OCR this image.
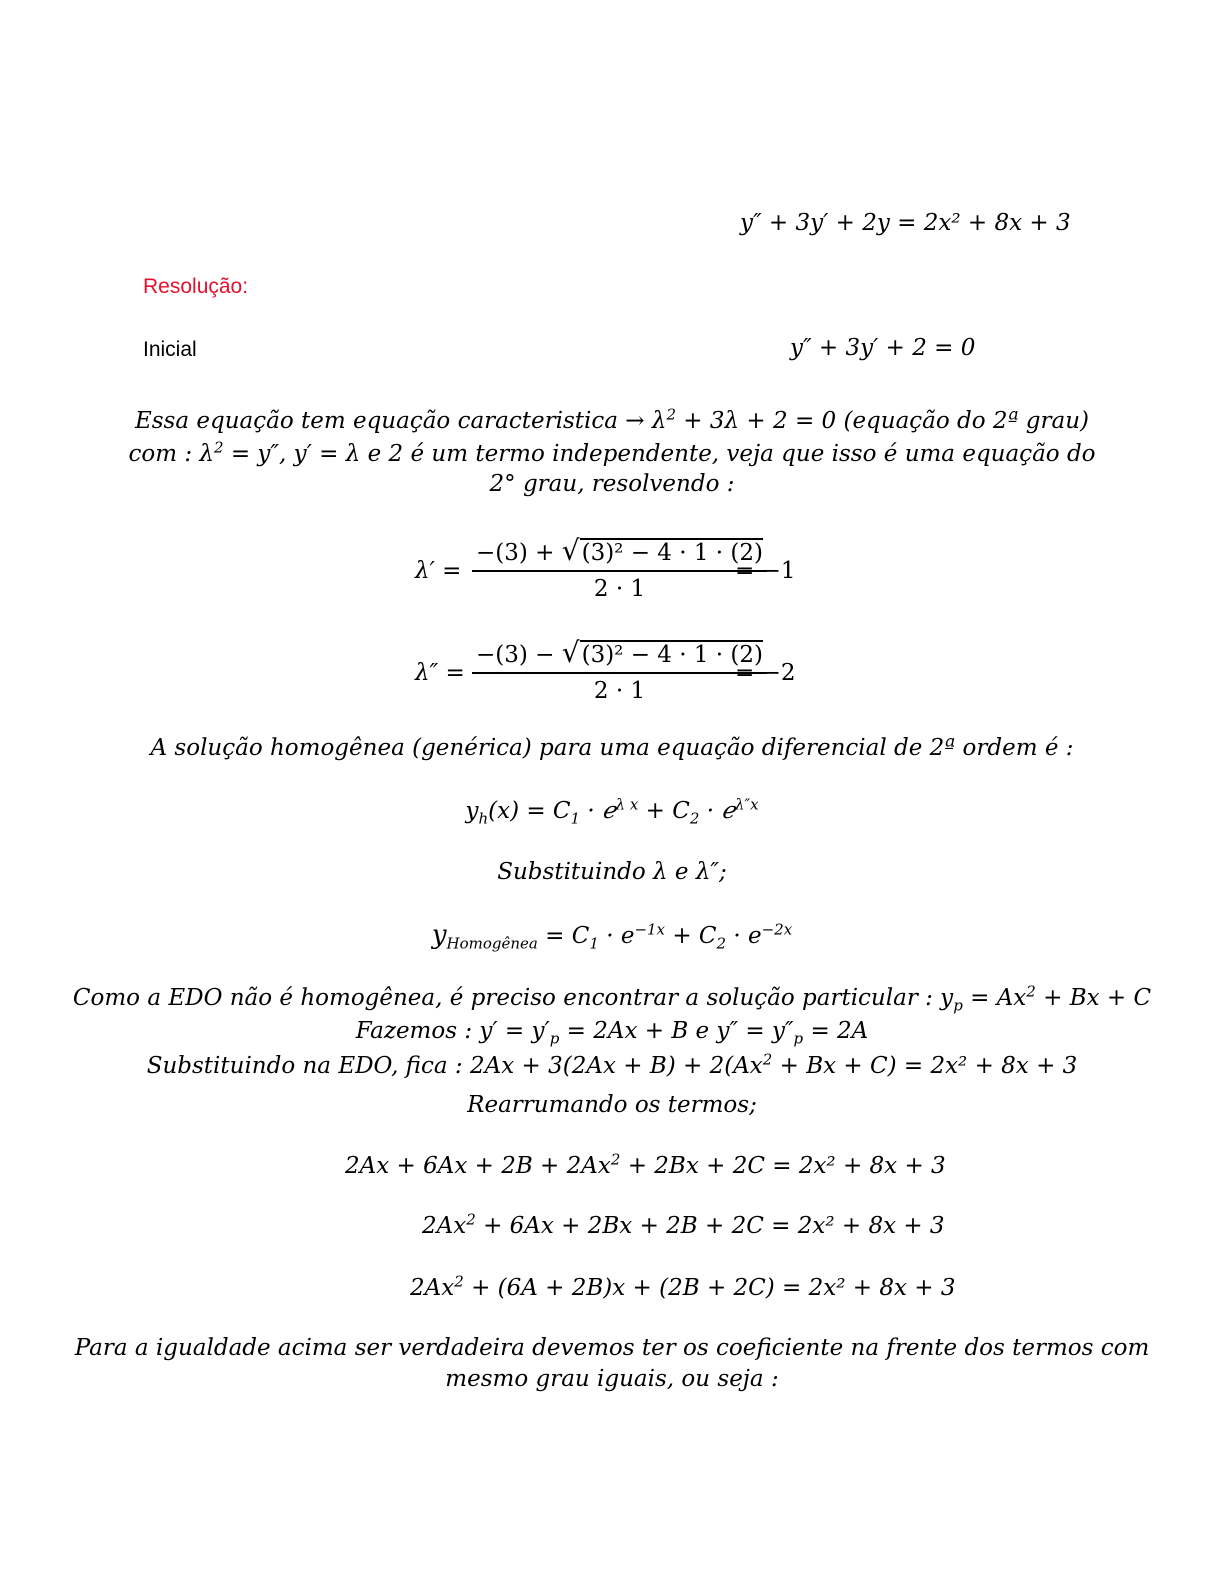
y″ + 3y′ + 2y = 2x² + 8x + 3
Resolução:
Inicial	y″ + 3y′ + 2 = 0
Essa equação tem equação caracteristica → $\lambda^2 + 3\lambda + 2 = 0$ (equação do 2ª grau)
com : $\lambda^2 = y''$, y′ = λ e 2 é um termo independente, veja que isso é uma equação do
2° grau, resolvendo :
$\lambda' = \frac{\text{−(3) + √(3)² − 4 · 1 · (2)}}{2 \cdot 1}$
= −1
$\lambda'' = \frac{\text{−(3) − √(3)² − 4 · 1 · (2)}}{2 \cdot 1}$
= −2
A solução homogênea (genérica) para uma equação diferencial de 2ª ordem é :
$y_h(x) = C_1$ · ℯ$^{\lambda x}$ + $C_2$ · ℯ$^{\lambda''x}$
Substituindo λ e λ″;
$y_{Homogênea} = C_1 \cdot e^{-1x} + C_2 \cdot e^{-2x}$
Como a EDO não é homogênea, é preciso encontrar a solução particular : $y_p = Ax^2 + Bx + C$
Fazemos : $y' = y'_p = 2Ax + B$ e $y'' = y''_p = 2A$
Substituindo na EDO, fica : $2Ax + 3(2Ax + B) + 2(Ax^2 + Bx + C) = 2x^2 + 8x + 3$
Rearrumando os termos;
$2Ax + 6Ax + 2B + 2Ax^2 + 2Bx + 2C = 2x^2 + 8x + 3$
$2Ax^2 + 6Ax + 2Bx + 2B + 2C = 2x^2 + 8x + 3$
$2Ax^2 + (6A + 2B)x + (2B + 2C) = 2x^2 + 8x + 3$
Para a igualdade acima ser verdadeira devemos ter os coeficiente na frente dos termos com
mesmo grau iguais, ou seja :
